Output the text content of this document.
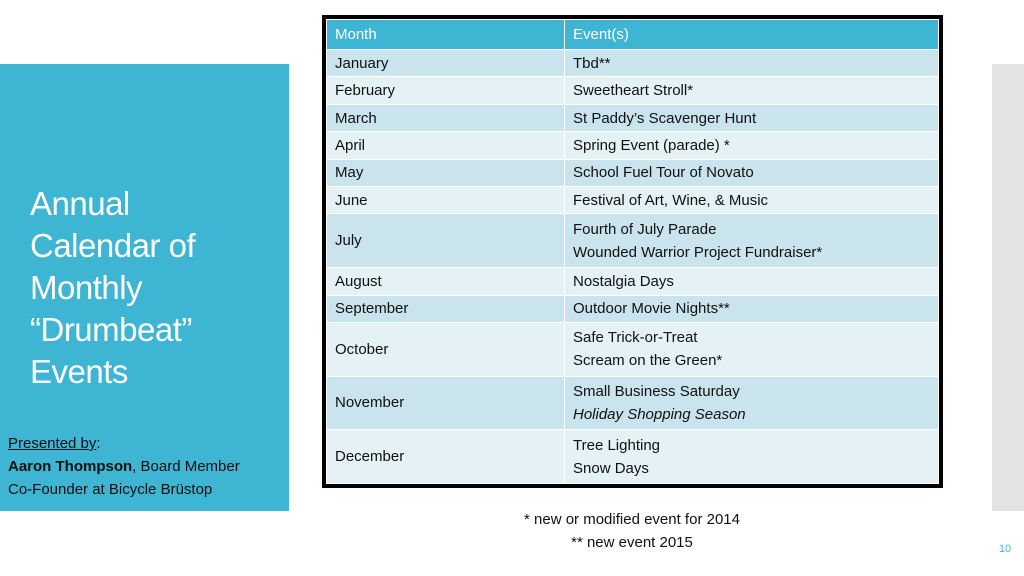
Annual
Calendar of
Monthly
“Drumbeat”
Events
Presented by:
Aaron Thompson, Board Member
Co-Founder at Bicycle Brüstop
Month	Event(s)
January	Tbd**

February	Sweetheart Stroll*

March	St Paddy’s Scavenger Hunt

April	Spring Event (parade) *

May	School Fuel Tour of Novato

June	Festival of Art, Wine, & Music

July	Fourth of July Parade
Wounded Warrior Project Fundraiser*

August	Nostalgia Days

September	Outdoor Movie Nights**

October	Safe Trick-or-Treat
Scream on the Green*

November	Small Business Saturday
Holiday Shopping Season

December	Tree Lighting
Snow Days
* new or modified event for 2014
** new event 2015	10
